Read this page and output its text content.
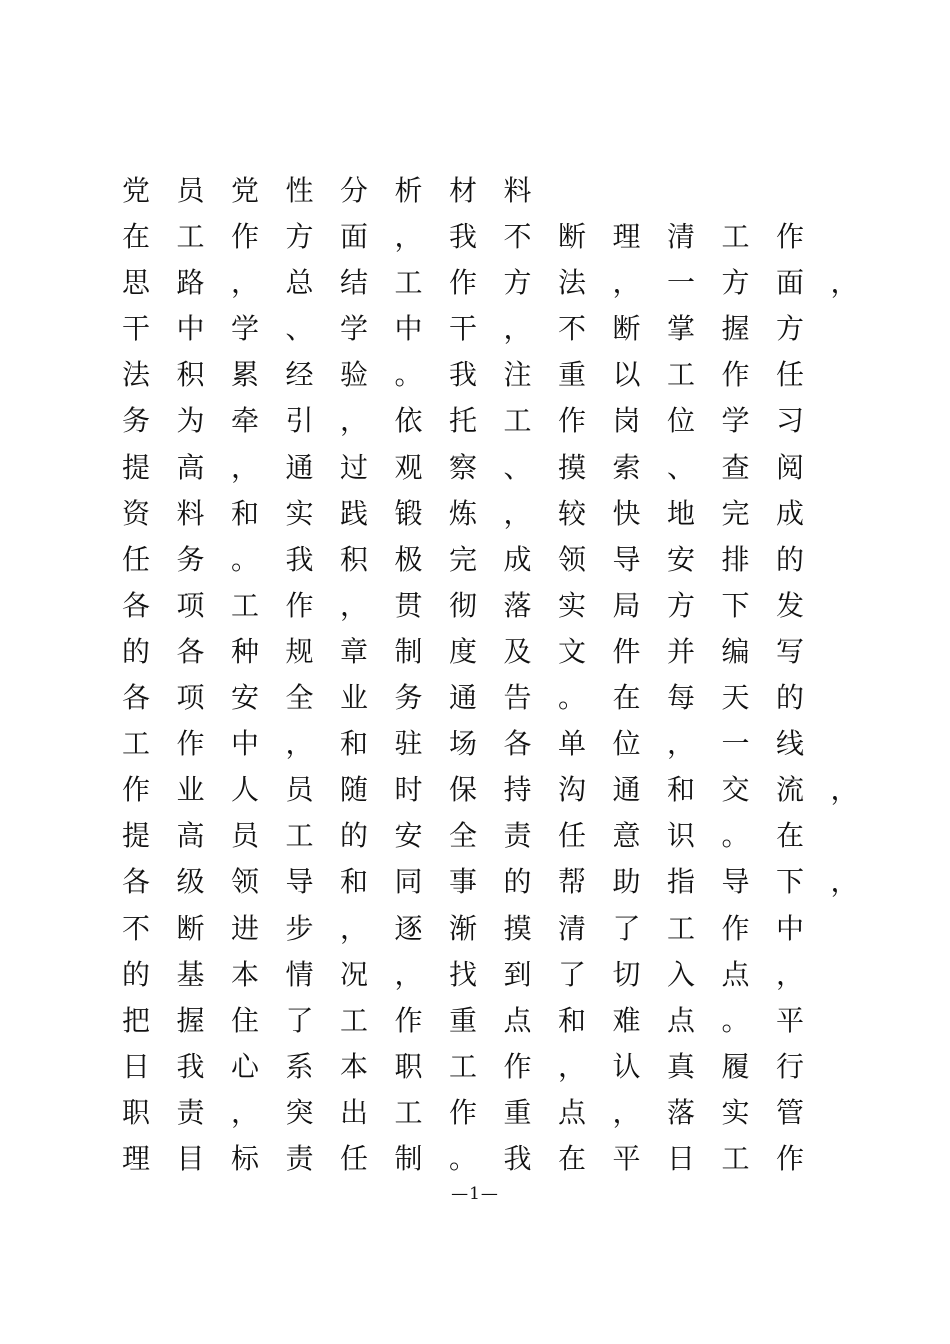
党员党性分析材料
在工作方面，我不断理清工作
思路，总结工作方法，一方面，
干中学、学中干，不断掌握方
法积累经验。我注重以工作任
务为牵引，依托工作岗位学习
提高，通过观察、摸索、查阅
资料和实践锻炼，较快地完成
任务。我积极完成领导安排的
各项工作，贯彻落实局方下发
的各种规章制度及文件并编写
各项安全业务通告。在每天的
工作中，和驻场各单位，一线
作业人员随时保持沟通和交流，
提高员工的安全责任意识。在
各级领导和同事的帮助指导下，
不断进步，逐渐摸清了工作中
的基本情况，找到了切入点，
把握住了工作重点和难点。平
日我心系本职工作，认真履行
职责，突出工作重点，落实管
理目标责任制。我在平日工作
—1—
